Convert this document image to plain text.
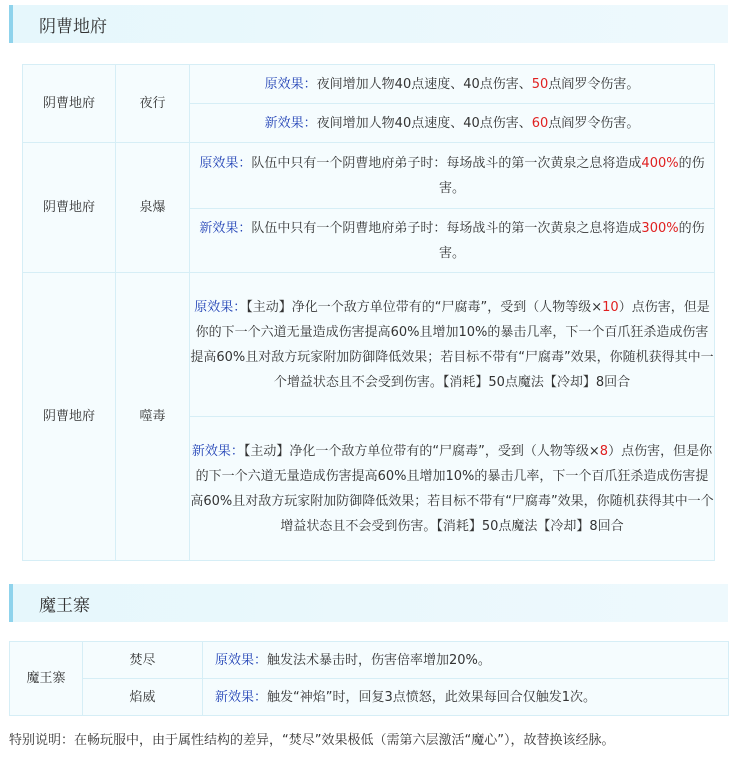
阴曹地府
阴曹地府	夜行	原效果：夜间增加人物40点速度、40点伤害、50点阎罗令伤害。

		新效果：夜间增加人物40点速度、40点伤害、60点阎罗令伤害。

阴曹地府	泉爆	原效果：队伍中只有一个阴曹地府弟子时：每场战斗的第一次黄泉之息将造成400%的伤害。

		新效果：队伍中只有一个阴曹地府弟子时：每场战斗的第一次黄泉之息将造成300%的伤害。

阴曹地府	噬毒	原效果：【主动】净化一个敌方单位带有的“尸腐毒”，受到（人物等级×10）点伤害，但是你的下一个六道无量造成伤害提高60%且增加10%的暴击几率，下一个百爪狂杀造成伤害提高60%且对敌方玩家附加防御降低效果；若目标不带有“尸腐毒”效果，你随机获得其中一个增益状态且不会受到伤害。【消耗】50点魔法【冷却】8回合

		新效果：【主动】净化一个敌方单位带有的“尸腐毒”，受到（人物等级×8）点伤害，但是你的下一个六道无量造成伤害提高60%且增加10%的暴击几率，下一个百爪狂杀造成伤害提高60%且对敌方玩家附加防御降低效果；若目标不带有“尸腐毒”效果，你随机获得其中一个增益状态且不会受到伤害。【消耗】50点魔法【冷却】8回合
魔王寨
魔王寨	焚尽	原效果：触发法术暴击时，伤害倍率增加20%。
	焰威	新效果：触发“神焰”时，回复3点愤怒，此效果每回合仅触发1次。
特别说明：在畅玩服中，由于属性结构的差异，“焚尽”效果极低（需第六层激活“魔心”），故替换该经脉。
